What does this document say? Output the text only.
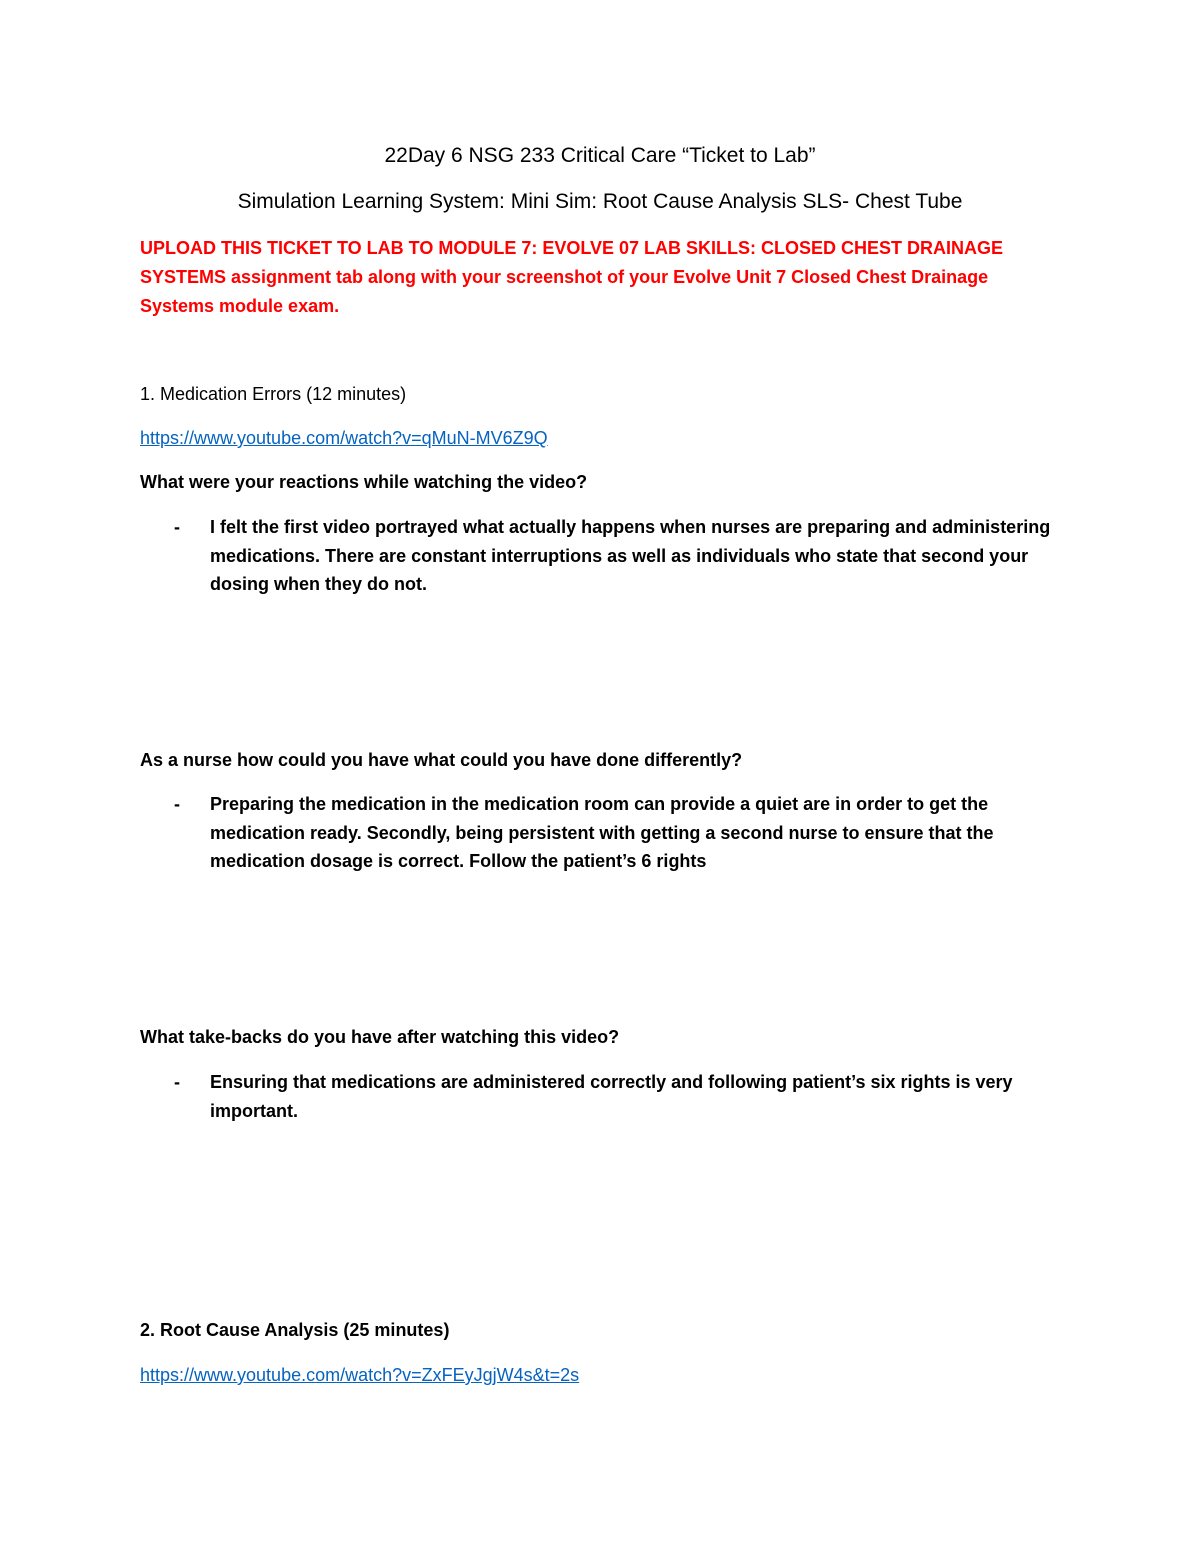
22Day 6 NSG 233 Critical Care “Ticket to Lab”

Simulation Learning System: Mini Sim: Root Cause Analysis SLS- Chest Tube

UPLOAD THIS TICKET TO LAB TO MODULE 7: EVOLVE 07 LAB SKILLS: CLOSED CHEST DRAINAGE SYSTEMS assignment tab along with your screenshot of your Evolve Unit 7 Closed Chest Drainage Systems module exam.

1. Medication Errors (12 minutes)

https://www.youtube.com/watch?v=qMuN-MV6Z9Q

What were your reactions while watching the video?

-	I felt the first video portrayed what actually happens when nurses are preparing and administering medications. There are constant interruptions as well as individuals who state that second your dosing when they do not.

As a nurse how could you have what could you have done differently?

-	Preparing the medication in the medication room can provide a quiet are in order to get the medication ready. Secondly, being persistent with getting a second nurse to ensure that the medication dosage is correct. Follow the patient’s 6 rights

What take-backs do you have after watching this video?

-	Ensuring that medications are administered correctly and following patient’s six rights is very important.

2. Root Cause Analysis (25 minutes)

https://www.youtube.com/watch?v=ZxFEyJgjW4s&t=2s
